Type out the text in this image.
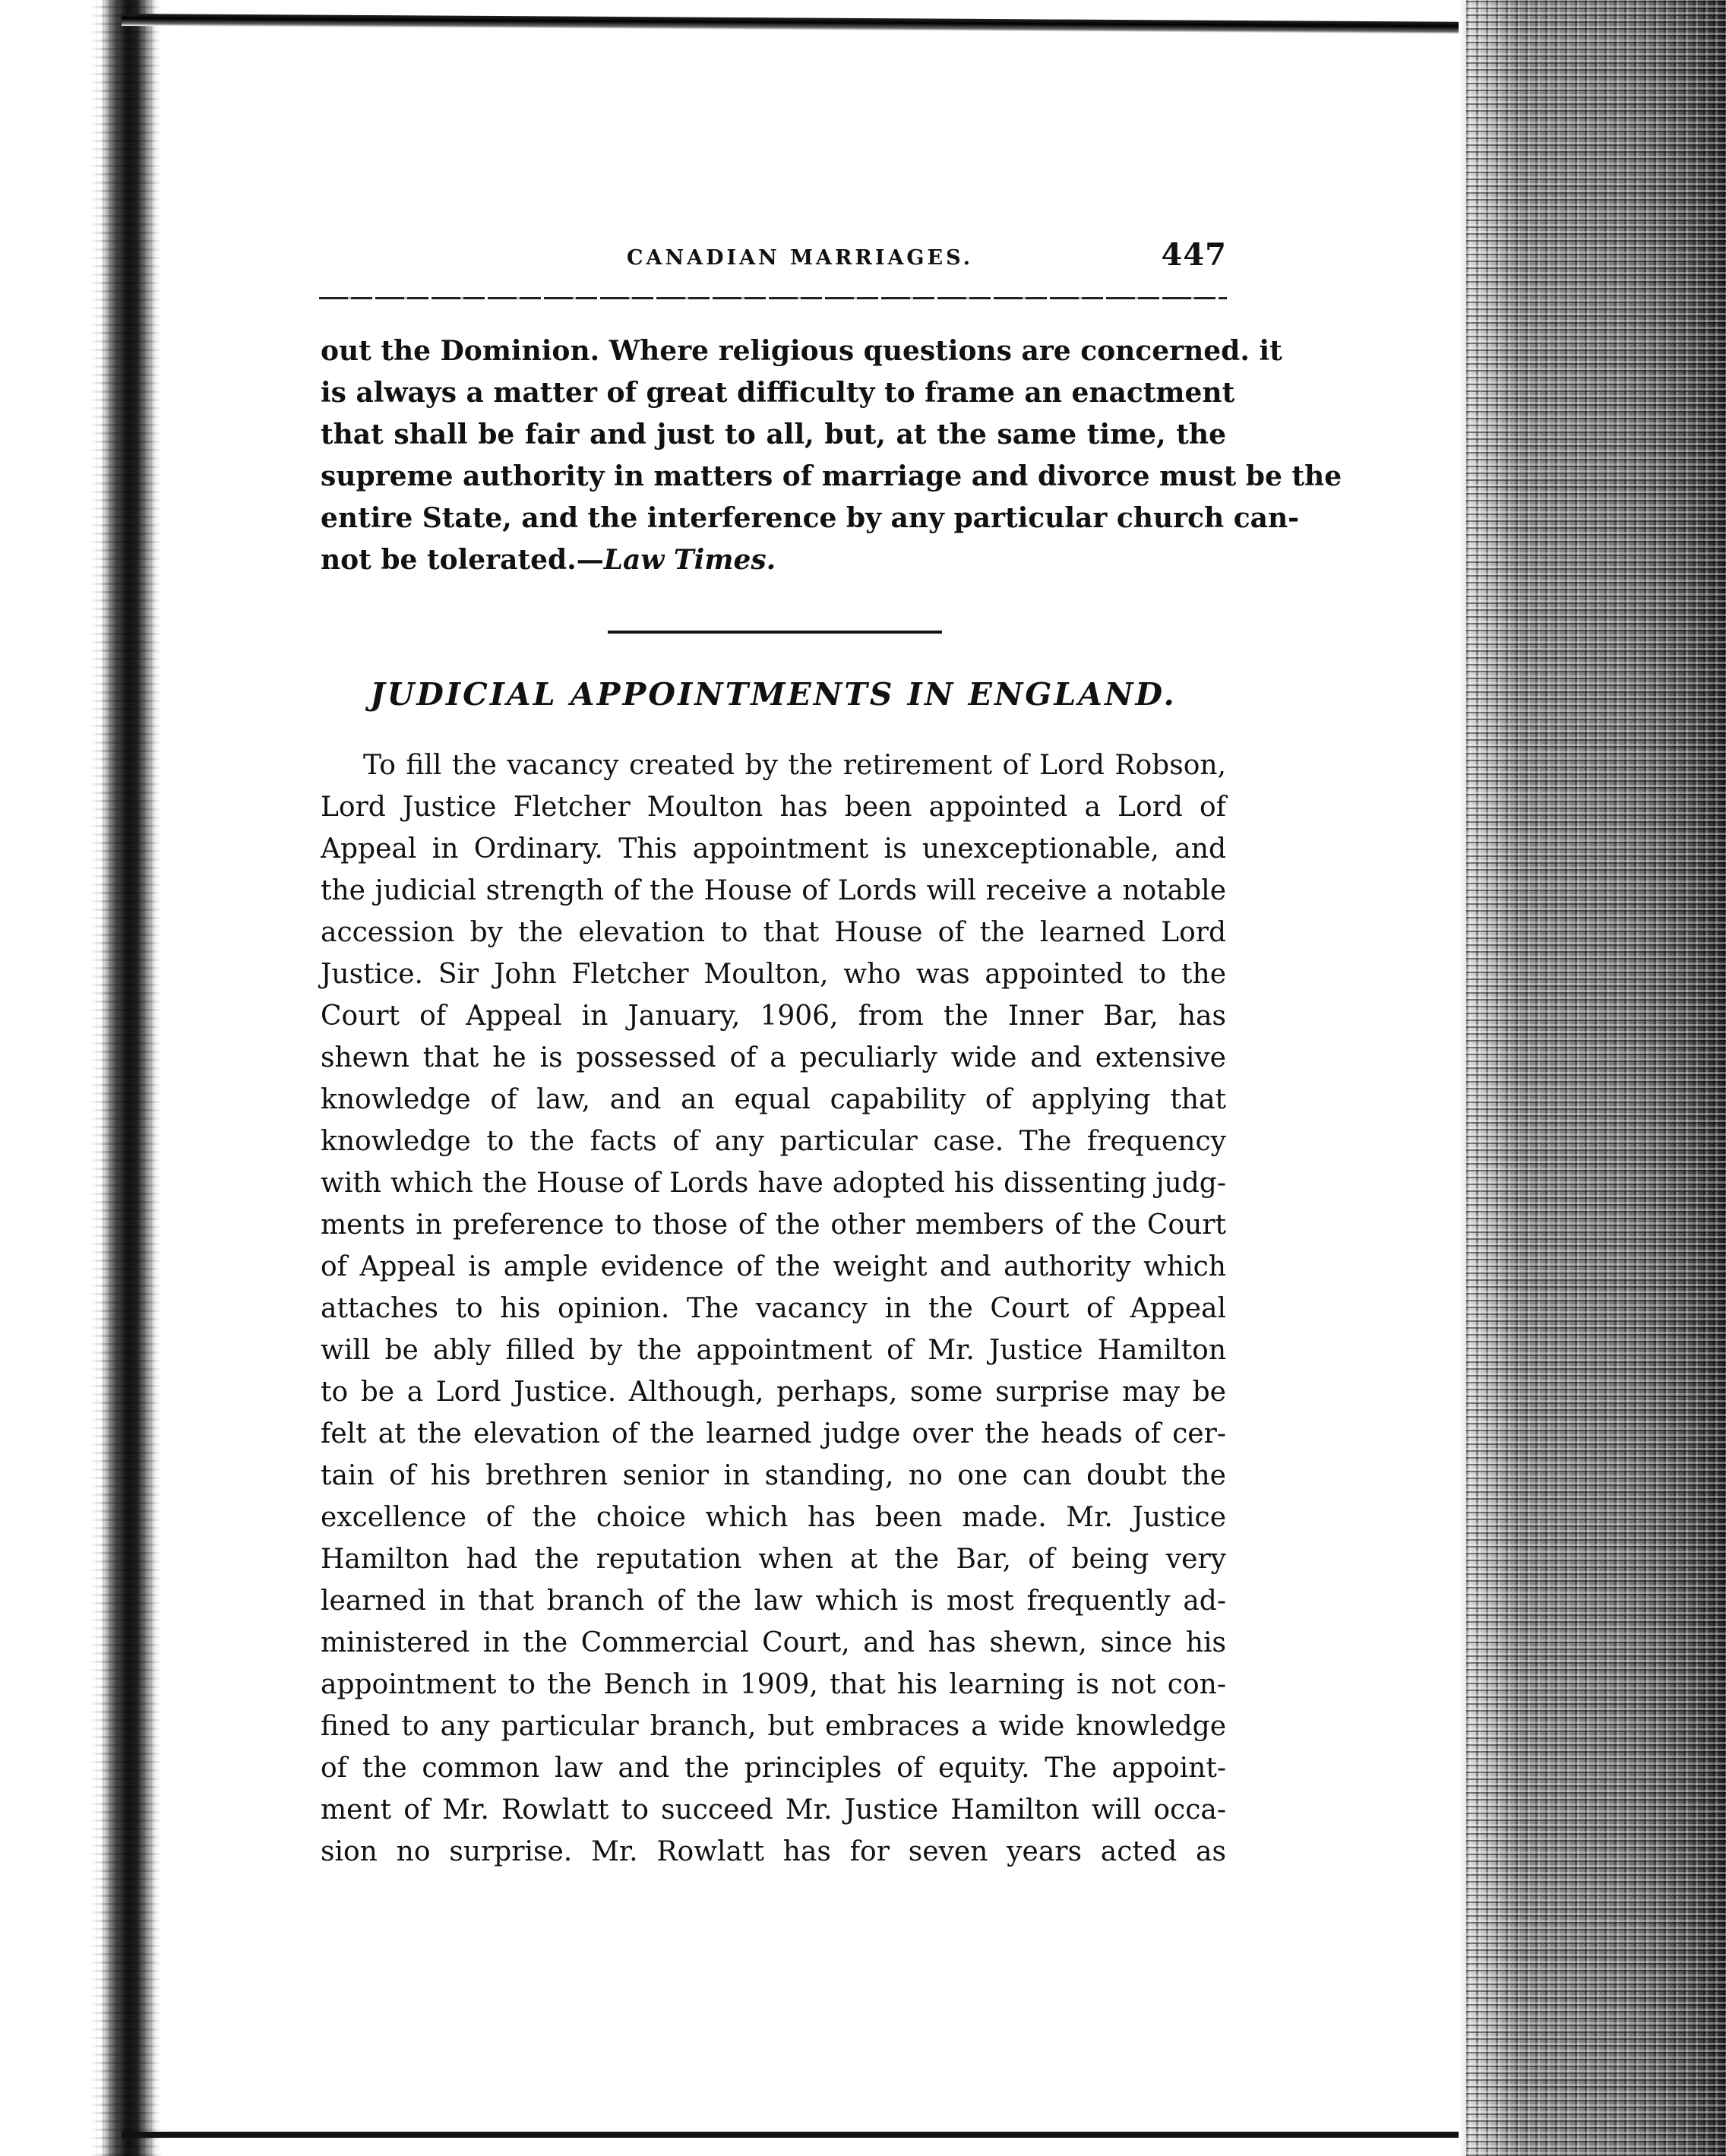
CANADIAN MARRIAGES.	447

out the Dominion. Where religious questions are concerned. it
is always a matter of great difficulty to frame an enactment
that shall be fair and just to all, but, at the same time, the
supreme authority in matters of marriage and divorce must be the
entire State, and the interference by any particular church can-
not be tolerated.—Law Times.

JUDICIAL APPOINTMENTS IN ENGLAND.

To fill the vacancy created by the retirement of Lord Robson,
Lord Justice Fletcher Moulton has been appointed a Lord of
Appeal in Ordinary. This appointment is unexceptionable, and
the judicial strength of the House of Lords will receive a notable
accession by the elevation to that House of the learned Lord
Justice. Sir John Fletcher Moulton, who was appointed to the
Court of Appeal in January, 1906, from the Inner Bar, has
shewn that he is possessed of a peculiarly wide and extensive
knowledge of law, and an equal capability of applying that
knowledge to the facts of any particular case. The frequency
with which the House of Lords have adopted his dissenting judg-
ments in preference to those of the other members of the Court
of Appeal is ample evidence of the weight and authority which
attaches to his opinion. The vacancy in the Court of Appeal
will be ably filled by the appointment of Mr. Justice Hamilton
to be a Lord Justice. Although, perhaps, some surprise may be
felt at the elevation of the learned judge over the heads of cer-
tain of his brethren senior in standing, no one can doubt the
excellence of the choice which has been made. Mr. Justice
Hamilton had the reputation when at the Bar, of being very
learned in that branch of the law which is most frequently ad-
ministered in the Commercial Court, and has shewn, since his
appointment to the Bench in 1909, that his learning is not con-
fined to any particular branch, but embraces a wide knowledge
of the common law and the principles of equity. The appoint-
ment of Mr. Rowlatt to succeed Mr. Justice Hamilton will occa-
sion no surprise. Mr. Rowlatt has for seven years acted as
